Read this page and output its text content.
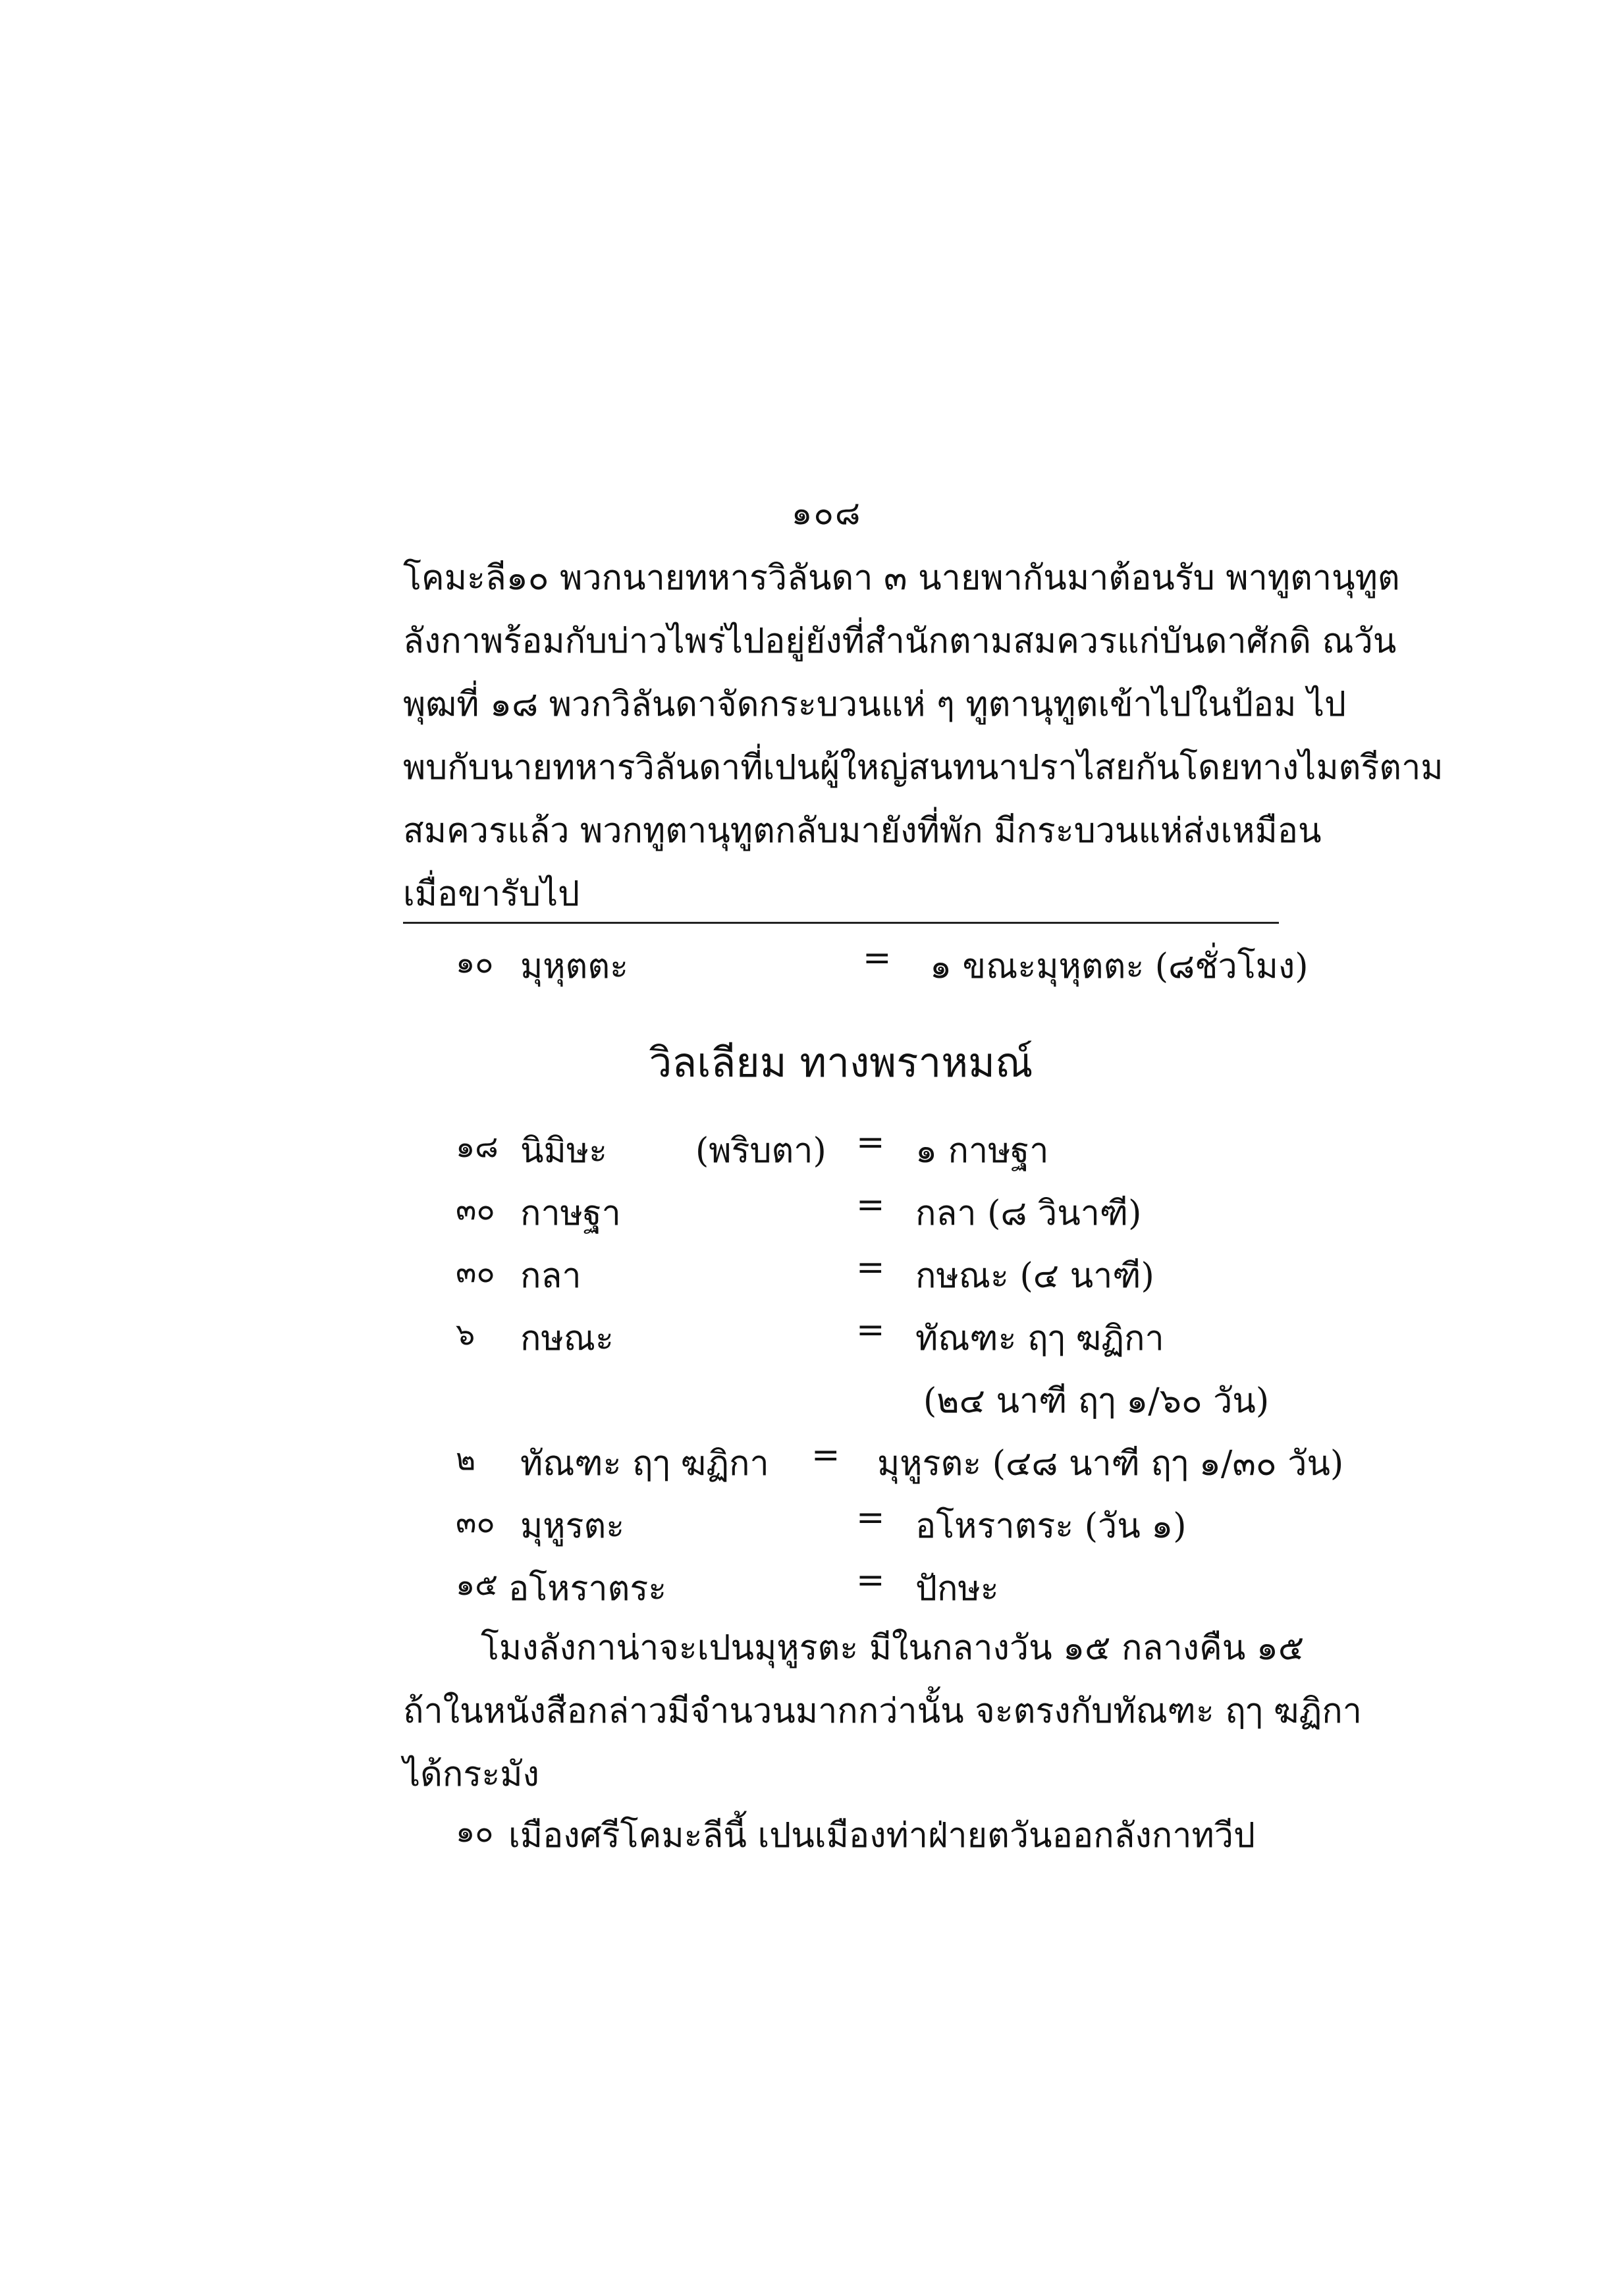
๑๐๘
โคมะลี๑๐ พวกนายทหารวิลันดา ๓ นายพากันมาต้อนรับ พาทูตานุทูต
ลังกาพร้อมกับบ่าวไพร่ไปอยู่ยังที่สำนักตามสมควรแก่บันดาศักดิ ณวัน
พุฒที่ ๑๘ พวกวิลันดาจัดกระบวนแห่ ๆ ทูตานุทูตเข้าไปในป้อม ไป
พบกับนายทหารวิลันดาที่เปนผู้ใหญ่สนทนาปราไสยกันโดยทางไมตรีตาม
สมควรแล้ว พวกทูตานุทูตกลับมายังที่พัก มีกระบวนแห่ส่งเหมือน
เมื่อขารับไป
๑๐ มุหุตตะ	= ๑ ขณะมุหุตตะ (๘ชั่วโมง)
วิลเลียม ทางพราหมณ์
๑๘ นิมิษะ	(พริบตา) = ๑ กาษฐา
๓๐ กาษฐา	= กลา (๘ วินาฑี)
๓๐ กลา	= กษณะ (๔ นาฑี)
๖ กษณะ	= ทัณฑะ ฤๅ ฆฏิกา
(๒๔ นาฑี ฤๅ ๑/๖๐ วัน)
๒ ทัณฑะ ฤๅ ฆฏิกา = มุหูรตะ (๔๘ นาฑี ฤๅ ๑/๓๐ วัน)
๓๐ มุหูรตะ	= อโหราตระ (วัน ๑)
๑๕ อโหราตระ	= ปักษะ
โมงลังกาน่าจะเปนมุหูรตะ มีในกลางวัน ๑๕ กลางคืน ๑๕
ถ้าในหนังสือกล่าวมีจำนวนมากกว่านั้น จะตรงกับทัณฑะ ฤๅ ฆฏิกา
ได้กระมัง
๑๐ เมืองศรีโคมะลีนี้ เปนเมืองท่าฝ่ายตวันออกลังกาทวีป
